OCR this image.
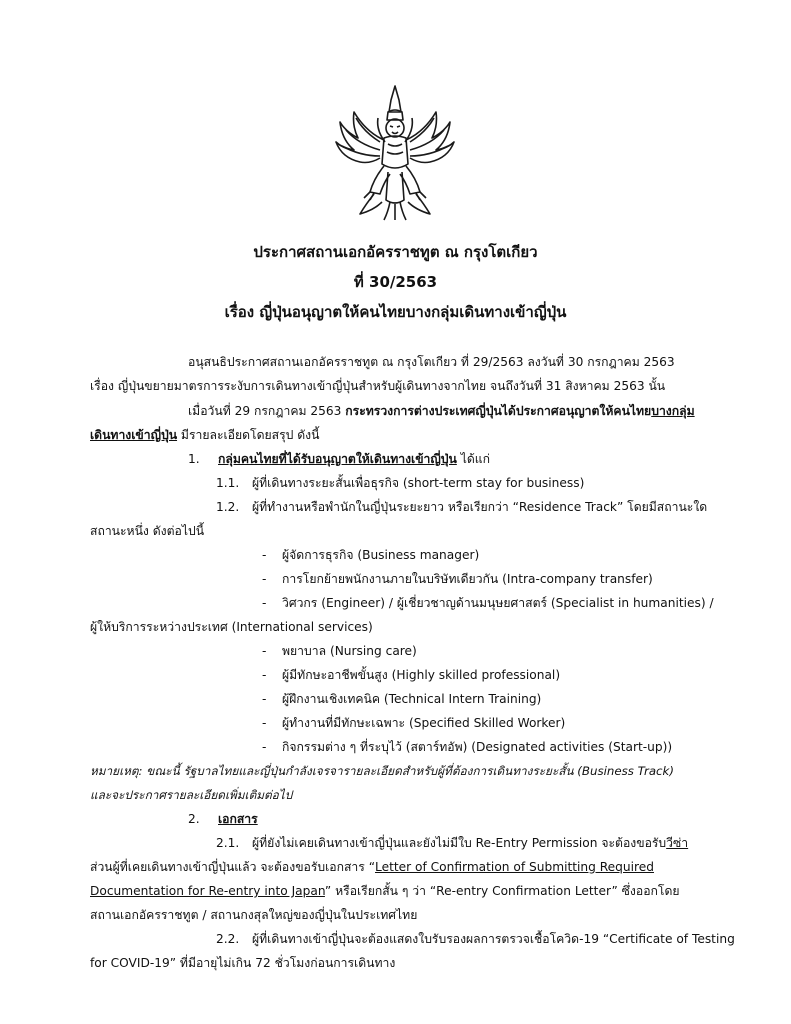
ประกาศสถานเอกอัครราชทูต ณ กรุงโตเกียว
ที่ 30/2563
เรื่อง ญี่ปุ่นอนุญาตให้คนไทยบางกลุ่มเดินทางเข้าญี่ปุ่น
อนุสนธิประกาศสถานเอกอัครราชทูต ณ กรุงโตเกียว ที่ 29/2563 ลงวันที่ 30 กรกฎาคม 2563
เรื่อง ญี่ปุ่นขยายมาตรการระงับการเดินทางเข้าญี่ปุ่นสำหรับผู้เดินทางจากไทย จนถึงวันที่ 31 สิงหาคม 2563 นั้น
เมื่อวันที่ 29 กรกฎาคม 2563 กระทรวงการต่างประเทศญี่ปุ่นได้ประกาศอนุญาตให้คนไทยบางกลุ่ม
เดินทางเข้าญี่ปุ่น มีรายละเอียดโดยสรุป ดังนี้
1. กลุ่มคนไทยที่ได้รับอนุญาตให้เดินทางเข้าญี่ปุ่น ได้แก่
1.1. ผู้ที่เดินทางระยะสั้นเพื่อธุรกิจ (short-term stay for business)
1.2. ผู้ที่ทำงานหรือพำนักในญี่ปุ่นระยะยาว หรือเรียกว่า “Residence Track” โดยมีสถานะใด
สถานะหนึ่ง ดังต่อไปนี้
- ผู้จัดการธุรกิจ (Business manager)
- การโยกย้ายพนักงานภายในบริษัทเดียวกัน (Intra-company transfer)
- วิศวกร (Engineer) / ผู้เชี่ยวชาญด้านมนุษยศาสตร์ (Specialist in humanities) /
ผู้ให้บริการระหว่างประเทศ (International services)
- พยาบาล (Nursing care)
- ผู้มีทักษะอาชีพขั้นสูง (Highly skilled professional)
- ผู้ฝึกงานเชิงเทคนิค (Technical Intern Training)
- ผู้ทำงานที่มีทักษะเฉพาะ (Specified Skilled Worker)
- กิจกรรมต่าง ๆ ที่ระบุไว้ (สตาร์ทอัพ) (Designated activities (Start-up))
หมายเหตุ: ขณะนี้ รัฐบาลไทยและญี่ปุ่นกำลังเจรจารายละเอียดสำหรับผู้ที่ต้องการเดินทางระยะสั้น (Business Track)
และจะประกาศรายละเอียดเพิ่มเติมต่อไป
2. เอกสาร
2.1. ผู้ที่ยังไม่เคยเดินทางเข้าญี่ปุ่นและยังไม่มีใบ Re-Entry Permission จะต้องขอรับวีซ่า
ส่วนผู้ที่เคยเดินทางเข้าญี่ปุ่นแล้ว จะต้องขอรับเอกสาร “Letter of Confirmation of Submitting Required
Documentation for Re-entry into Japan” หรือเรียกสั้น ๆ ว่า “Re-entry Confirmation Letter” ซึ่งออกโดย
สถานเอกอัครราชทูต / สถานกงสุลใหญ่ของญี่ปุ่นในประเทศไทย
2.2. ผู้ที่เดินทางเข้าญี่ปุ่นจะต้องแสดงใบรับรองผลการตรวจเชื้อโควิด-19 “Certificate of Testing
for COVID-19” ที่มีอายุไม่เกิน 72 ชั่วโมงก่อนการเดินทาง
